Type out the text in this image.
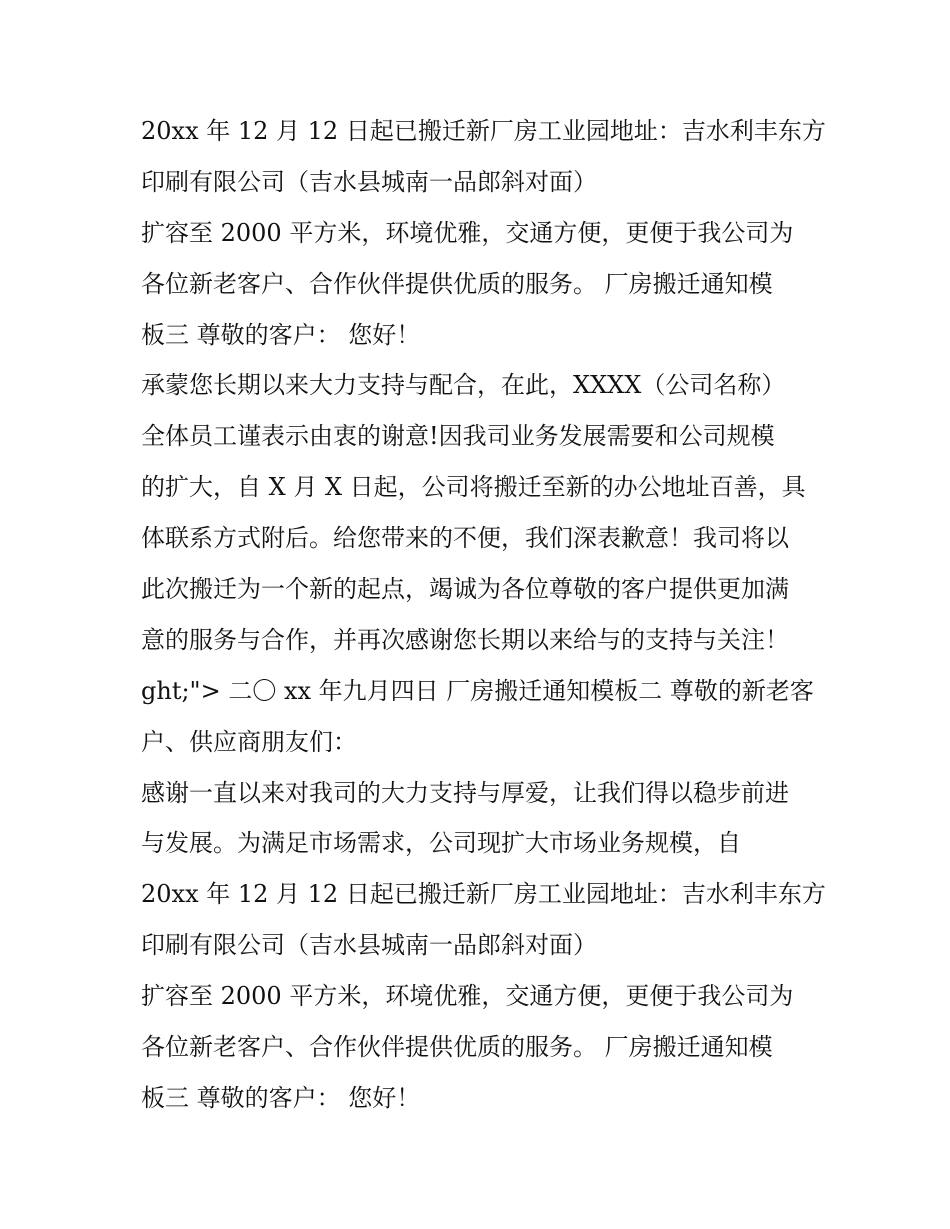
20xx 年 12 月 12 日起已搬迁新厂房工业园地址：吉水利丰东方
印刷有限公司（吉水县城南一品郎斜对面）
扩容至 2000 平方米，环境优雅，交通方便，更便于我公司为
各位新老客户、合作伙伴提供优质的服务。 厂房搬迁通知模
板三 尊敬的客户： 您好！
承蒙您长期以来大力支持与配合，在此，XXXX（公司名称）
全体员工谨表示由衷的谢意!因我司业务发展需要和公司规模
的扩大，自 X 月 X 日起，公司将搬迁至新的办公地址百善，具
体联系方式附后。给您带来的不便，我们深表歉意！我司将以
此次搬迁为一个新的起点，竭诚为各位尊敬的客户提供更加满
意的服务与合作，并再次感谢您长期以来给与的支持与关注！
ght;"> 二〇 xx 年九月四日 厂房搬迁通知模板二 尊敬的新老客
户、供应商朋友们：
感谢一直以来对我司的大力支持与厚爱，让我们得以稳步前进
与发展。为满足市场需求，公司现扩大市场业务规模，自
20xx 年 12 月 12 日起已搬迁新厂房工业园地址：吉水利丰东方
印刷有限公司（吉水县城南一品郎斜对面）
扩容至 2000 平方米，环境优雅，交通方便，更便于我公司为
各位新老客户、合作伙伴提供优质的服务。 厂房搬迁通知模
板三 尊敬的客户： 您好！
